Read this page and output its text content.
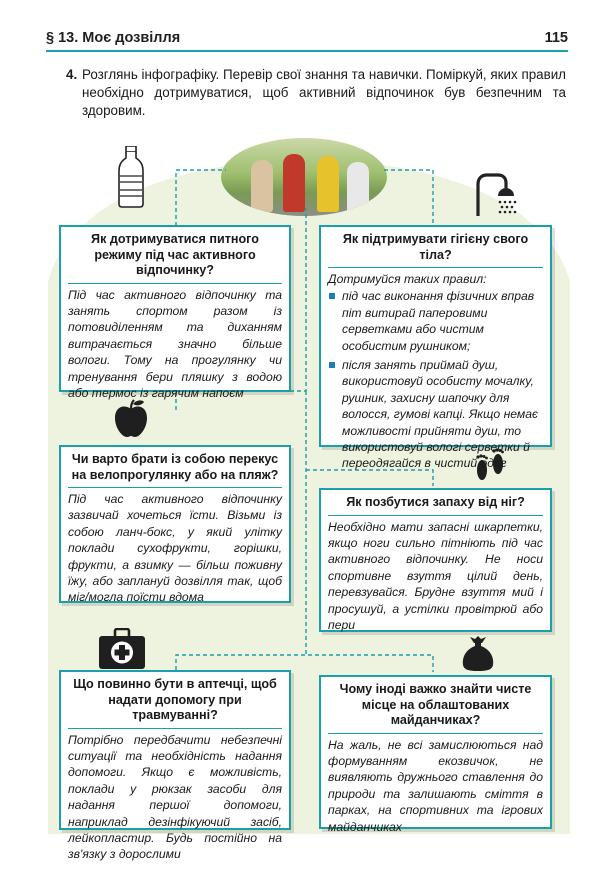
§ 13. Моє дозвілля	115
4. Розглянь інфографіку. Перевір свої знання та навички. Поміркуй, яких правил необхідно дотримуватися, щоб активний відпочинок був безпечним та здоровим.
Як дотримуватися питного режиму під час активного відпочинку?
Під час активного відпочинку та занять спортом разом із потовиділенням та диханням витрачається значно більше вологи. Тому на прогулянку чи тренування бери пляшку з водою або термос із гарячим напоєм
Як підтримувати гігієну свого тіла?
Дотримуйся таких правил:
під час виконання фізичних вправ піт витирай паперовими серветками або чистим особистим рушником;
після занять приймай душ, використовуй особисту мочалку, рушник, захисну шапочку для волосся, гумові капці. Якщо немає можливості прийняти душ, то використовуй вологі серветки й переодягайся в чистий одяг
Чи варто брати із собою перекус на велопрогулянку або на пляж?
Під час активного відпочинку зазвичай хочеться їсти. Візьми із собою ланч-бокс, у який улітку поклади сухофрукти, горішки, фрукти, а взимку — більш поживну їжу, або заплануй дозвілля так, щоб міг/могла поїсти вдома
Як позбутися запаху від ніг?
Необхідно мати запасні шкарпетки, якщо ноги сильно пітніють під час активного відпочинку. Не носи спортивне взуття цілий день, перевзувайся. Брудне взуття мий і просушуй, а устілки провітрюй або пери
Що повинно бути в аптечці, щоб надати допомогу при травмуванні?
Потрібно передбачити небезпечні ситуації та необхідність надання допомоги. Якщо є можливість, поклади у рюкзак засоби для надання першої допомоги, наприклад дезінфікуючий засіб, лейкопластир. Будь постійно на зв'язку з дорослими
Чому іноді важко знайти чисте місце на облаштованих майданчиках?
На жаль, не всі замислюються над формуванням екозвичок, не виявляють дружнього ставлення до природи та залишають сміття в парках, на спортивних та ігрових майданчиках
